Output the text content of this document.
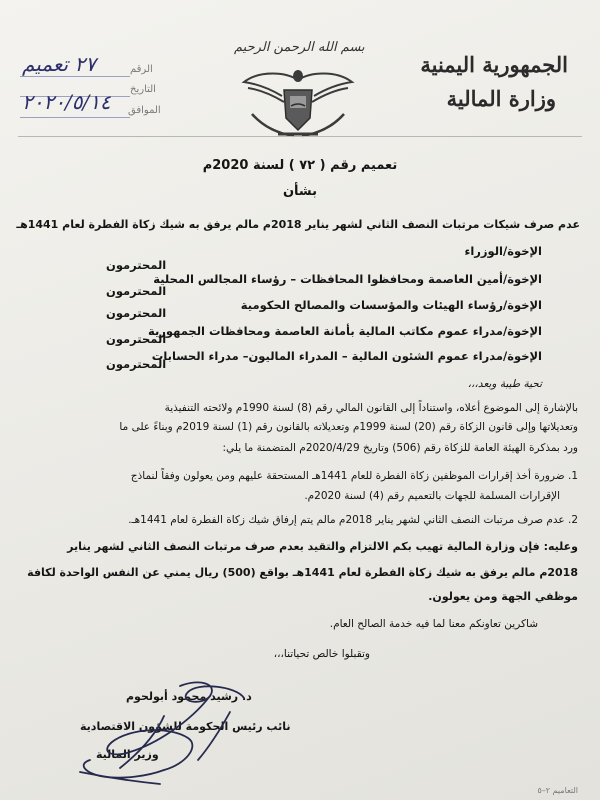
الجمهورية اليمنية
وزارة المالية
بسم الله الرحمن الرحيم
الرقم
٢٧ تعميم
التاريخ
الموافق
٢٠٢٠/٥/١٤
تعميم رقم ( ٧٢ ) لسنة 2020م
بشأن
عدم صرف شيكات مرتبات النصف الثاني لشهر يناير 2018م مالم يرفق به شيك زكاة الفطرة لعام 1441هـ
الإخوة/الوزراء
المحترمون
الإخوة/أمين العاصمة ومحافظوا المحافظات – رؤساء المجالس المحلية
المحترمون
الإخوة/رؤساء الهيئات والمؤسسات والمصالح الحكومية
المحترمون
الإخوة/مدراء عموم مكاتب المالية بأمانة العاصمة ومحافظات الجمهورية
المحترمون
الإخوة/مدراء عموم الشئون المالية – المدراء الماليون– مدراء الحسابات
المحترمون
تحية طيبة وبعد،،،
بالإشارة إلى الموضوع أعلاه، واستناداً إلى القانون المالي رقم (8) لسنة 1990م ولائحته التنفيذية
وتعديلاتها وإلى قانون الزكاة رقم (20) لسنة 1999م وتعديلاته بالقانون رقم (1) لسنة 2019م وبناءً على ما
ورد بمذكرة الهيئة العامة للزكاة رقم (506) وتاريخ 2020/4/29م المتضمنة ما يلي:
1. ضرورة أخذ إقرارات الموظفين زكاة الفطرة للعام 1441هـ المستحقة عليهم ومن يعولون وفقاً لنماذج
الإقرارات المسلمة للجهات بالتعميم رقم (4) لسنة 2020م.
2. عدم صرف مرتبات النصف الثاني لشهر يناير 2018م مالم يتم إرفاق شيك زكاة الفطرة لعام 1441هـ.
وعليه: فإن وزارة المالية تهيب بكم الالتزام والتقيد بعدم صرف مرتبات النصف الثاني لشهر يناير
2018م مالم يرفق به شيك زكاة الفطرة لعام 1441هـ بواقع (500) ريال يمني عن النفس الواحدة لكافة
موظفي الجهة ومن يعولون.
شاكرين تعاونكم معنا لما فيه خدمة الصالح العام.
وتقبلوا خالص تحياتنا،،،
د. رشيد محمود أبولحوم
نائب رئيس الحكومة للشؤون الاقتصادية
وزير المالية
التعاميم ٢–٥
